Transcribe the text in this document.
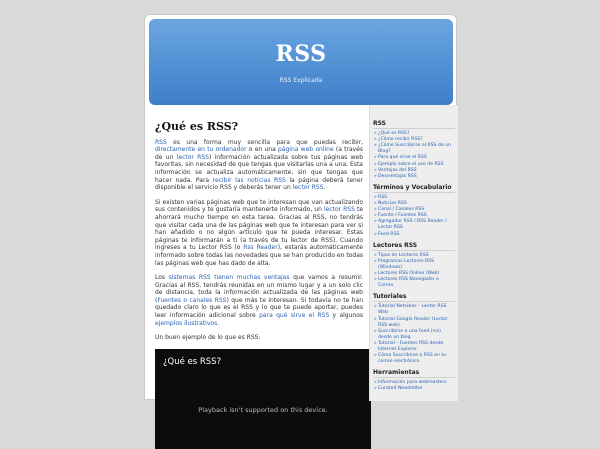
RSS
RSS Explicada
¿Qué es RSS?

RSS es una forma muy sencilla para que puedas recibir, directamente en tu ordenador o en una página web online (a través de un lector RSS) información actualizada sobre tus páginas web favoritas, sin necesidad de que tengas que visitarlas una a una. Esta información se actualiza automáticamente, sin que tengas que hacer nada. Para recibir las noticias RSS la página deberá tener disponible el servicio RSS y deberás tener un lector RSS.

Si existen varias páginas web que te interesan que van actualizando sus contenidos y te gustaría mantenerte informado, un lector RSS te ahorrará mucho tiempo en esta tarea. Gracias al RSS, no tendrás que visitar cada una de las páginas web que te interesan para ver si han añadido o no algún artículo que te pueda interesar. Estas páginas te informarán a ti (a través de tu lector de RSS). Cuando ingreses a tu Lector RSS (o Rss Reader), estarás automáticamente informado sobre todas las novedades que se han producido en todas las páginas web que has dado de alta.

Los sistemas RSS tienen muchas ventajas que vamos a resumir. Gracias al RSS, tendrás reunidas en un mismo lugar y a un solo clic de distancia, toda la información actualizada de las páginas web (Fuentes o canales RSS) que más te interesan. Si todavía no te han quedado claro lo que es el RSS y lo que te puede aportar, puedes leer información adicional sobre para qué sirve el RSS y algunos ejemplos ilustrativos.

Un buen ejemplo de lo que es RSS:

¿Qué es RSS?
Playback isn't supported on this device.
RSS
» ¿Qué es RSS?
» ¿Cómo recibir RSS?
» ¿Cómo Suscribirse al RSS de un Blog?
» Para qué sirve el RSS
» Ejemplo sobre el uso de RSS
» Ventajas del RSS
» Desventajas RSS
Términos y Vocabulario
» RSS
» Noticias RSS
» Canal / Canales RSS
» Fuente / Fuentes RSS
» Agregador RSS / RSS Reader / Lector RSS
» Feed RSS
Lectores RSS
» Tipos de Lectores RSS
» Programas Lectores RSS (Windows)
» Lectores RSS Online (Web)
» Lectores RSS Navegador o Correo
Tutoriales
» Tutorial Netvibes – Lector RSS Web
» Tutorial Google Reader (Lector RSS web)
» Suscribirse a una feed (rss) desde un blog
» Tutorial - Fuentes RSS desde Internet Explorer
» Cómo Suscribirse a RSS en tu correo electrónico
Herramientas
» Información para webmasters
» Curated Newsletter
